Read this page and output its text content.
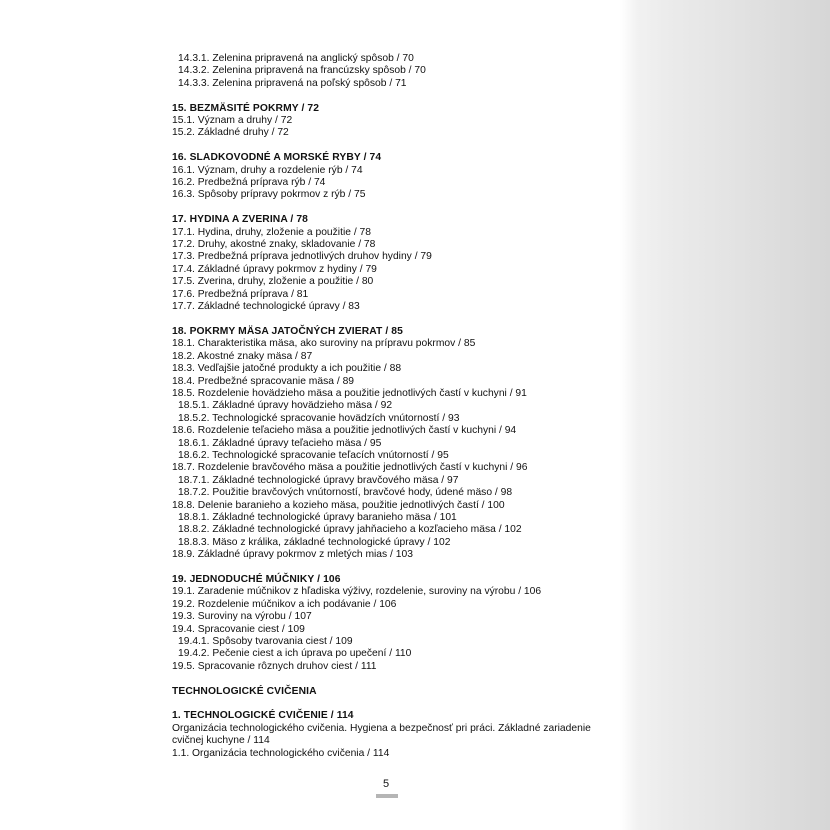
14.3.1. Zelenina pripravená na anglický spôsob / 70
14.3.2. Zelenina pripravená na francúzsky spôsob / 70
14.3.3. Zelenina pripravená na poľský spôsob / 71
15. BEZMÄSITÉ POKRMY / 72
15.1. Význam a druhy / 72
15.2. Základné druhy / 72
16. SLADKOVODNÉ A MORSKÉ RYBY / 74
16.1. Význam, druhy a rozdelenie rýb / 74
16.2. Predbežná príprava rýb / 74
16.3. Spôsoby prípravy pokrmov z rýb / 75
17. HYDINA A ZVERINA / 78
17.1. Hydina, druhy, zloženie a použitie / 78
17.2. Druhy, akostné znaky, skladovanie / 78
17.3. Predbežná príprava jednotlivých druhov hydiny / 79
17.4. Základné úpravy pokrmov z hydiny / 79
17.5. Zverina, druhy, zloženie a použitie / 80
17.6. Predbežná príprava / 81
17.7. Základné technologické úpravy / 83
18. POKRMY MÄSA JATOČNÝCH ZVIERAT / 85
18.1. Charakteristika mäsa, ako suroviny na prípravu pokrmov / 85
18.2. Akostné znaky mäsa / 87
18.3. Vedľajšie jatočné produkty a ich použitie / 88
18.4. Predbežné spracovanie mäsa / 89
18.5. Rozdelenie hovädzieho mäsa a použitie jednotlivých častí v kuchyni / 91
18.5.1. Základné úpravy hovädzieho mäsa / 92
18.5.2. Technologické spracovanie hovädzích vnútorností / 93
18.6. Rozdelenie teľacieho mäsa a použitie jednotlivých častí v kuchyni / 94
18.6.1. Základné úpravy teľacieho mäsa / 95
18.6.2. Technologické spracovanie teľacích vnútorností / 95
18.7. Rozdelenie bravčového mäsa a použitie jednotlivých častí v kuchyni / 96
18.7.1. Základné technologické úpravy bravčového mäsa / 97
18.7.2. Použitie bravčových vnútorností, bravčové hody, údené mäso / 98
18.8. Delenie baranieho a kozieho mäsa, použitie jednotlivých častí / 100
18.8.1. Základné technologické úpravy baranieho mäsa / 101
18.8.2. Základné technologické úpravy jahňacieho a kozľacieho mäsa / 102
18.8.3. Mäso z králika, základné technologické úpravy / 102
18.9. Základné úpravy pokrmov z mletých mias / 103
19. JEDNODUCHÉ MÚČNIKY / 106
19.1. Zaradenie múčnikov z hľadiska výživy, rozdelenie, suroviny na výrobu / 106
19.2. Rozdelenie múčnikov a ich podávanie / 106
19.3. Suroviny na výrobu / 107
19.4. Spracovanie ciest / 109
19.4.1. Spôsoby tvarovania ciest / 109
19.4.2. Pečenie ciest a ich úprava po upečení / 110
19.5. Spracovanie rôznych druhov ciest / 111
TECHNOLOGICKÉ CVIČENIA
1. TECHNOLOGICKÉ CVIČENIE / 114
Organizácia technologického cvičenia. Hygiena a bezpečnosť pri práci. Základné zariadenie cvičnej kuchyne / 114
1.1. Organizácia technologického cvičenia / 114
5
